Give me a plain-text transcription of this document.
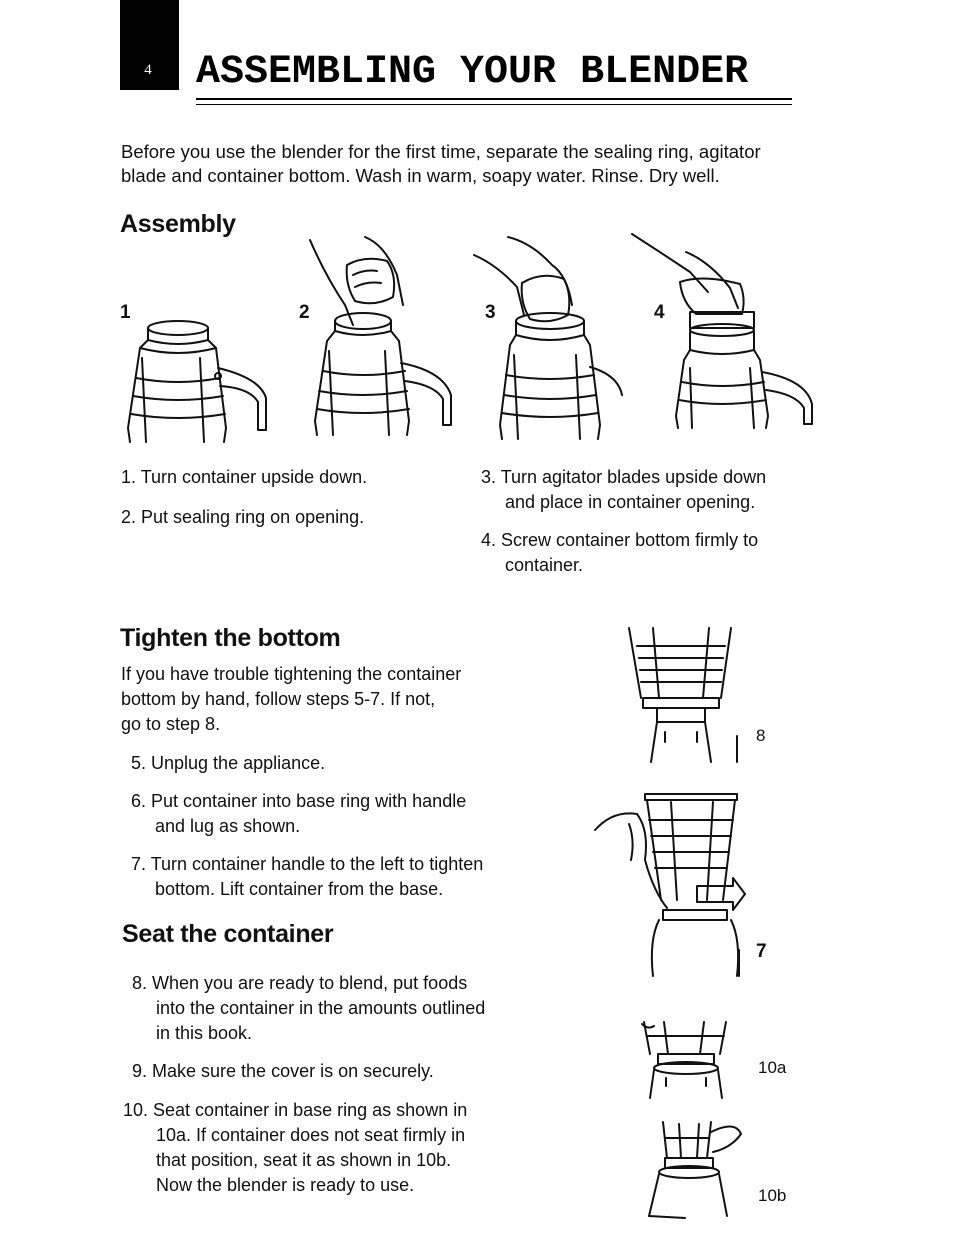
4 ASSEMBLING YOUR BLENDER
Before you use the blender for the first time, separate the sealing ring, agitator blade and container bottom. Wash in warm, soapy water. Rinse. Dry well.
Assembly
1	2	3	4
1. Turn container upside down.
2. Put sealing ring on opening.
3. Turn agitator blades upside down
and place in container opening.
4. Screw container bottom firmly to
container.
Tighten the bottom
If you have trouble tightening the container
bottom by hand, follow steps 5-7. If not,
go to step 8.
5. Unplug the appliance.
6. Put container into base ring with handle
and lug as shown.
7. Turn container handle to the left to tighten
bottom. Lift container from the base.
Seat the container
8. When you are ready to blend, put foods
into the container in the amounts outlined
in this book.
9. Make sure the cover is on securely.
10. Seat container in base ring as shown in
10a. If container does not seat firmly in
that position, seat it as shown in 10b.
Now the blender is ready to use.
8
7
10a
10b
